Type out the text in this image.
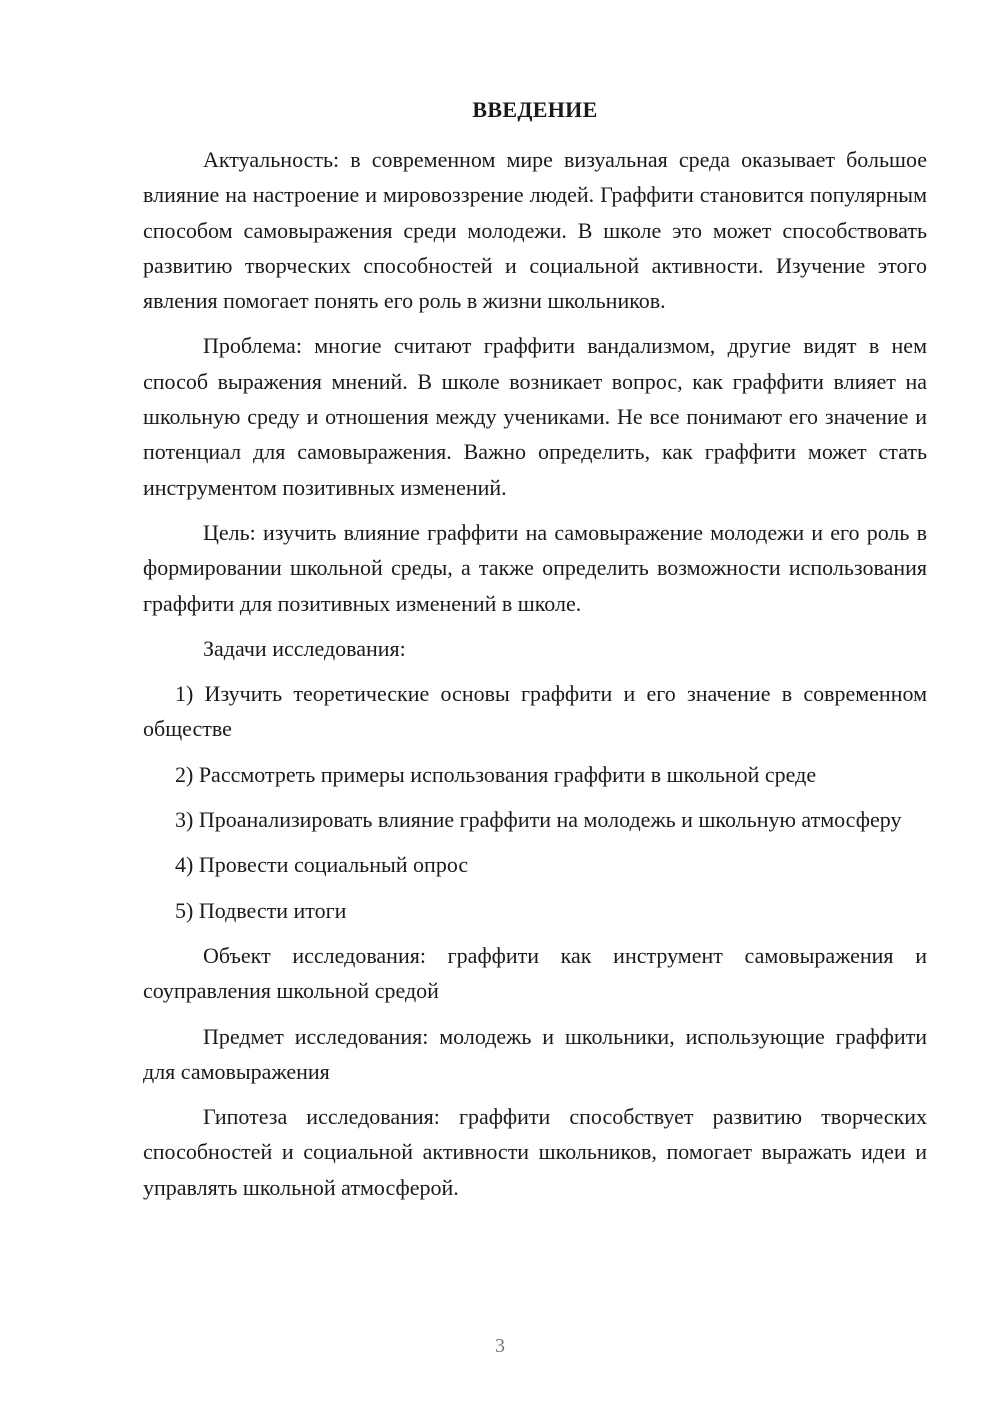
ВВЕДЕНИЕ

Актуальность: в современном мире визуальная среда оказывает большое влияние на настроение и мировоззрение людей. Граффити становится популярным способом самовыражения среди молодежи. В школе это может способствовать развитию творческих способностей и социальной активности. Изучение этого явления помогает понять его роль в жизни школьников.

Проблема: многие считают граффити вандализмом, другие видят в нем способ выражения мнений. В школе возникает вопрос, как граффити влияет на школьную среду и отношения между учениками. Не все понимают его значение и потенциал для самовыражения. Важно определить, как граффити может стать инструментом позитивных изменений.

Цель: изучить влияние граффити на самовыражение молодежи и его роль в формировании школьной среды, а также определить возможности использования граффити для позитивных изменений в школе.

Задачи исследования:

1) Изучить теоретические основы граффити и его значение в современном обществе

2) Рассмотреть примеры использования граффити в школьной среде

3) Проанализировать влияние граффити на молодежь и школьную атмосферу

4) Провести социальный опрос

5) Подвести итоги

Объект исследования: граффити как инструмент самовыражения и соуправления школьной средой

Предмет исследования: молодежь и школьники, использующие граффити для самовыражения

Гипотеза исследования: граффити способствует развитию творческих способностей и социальной активности школьников, помогает выражать идеи и управлять школьной атмосферой.

3
